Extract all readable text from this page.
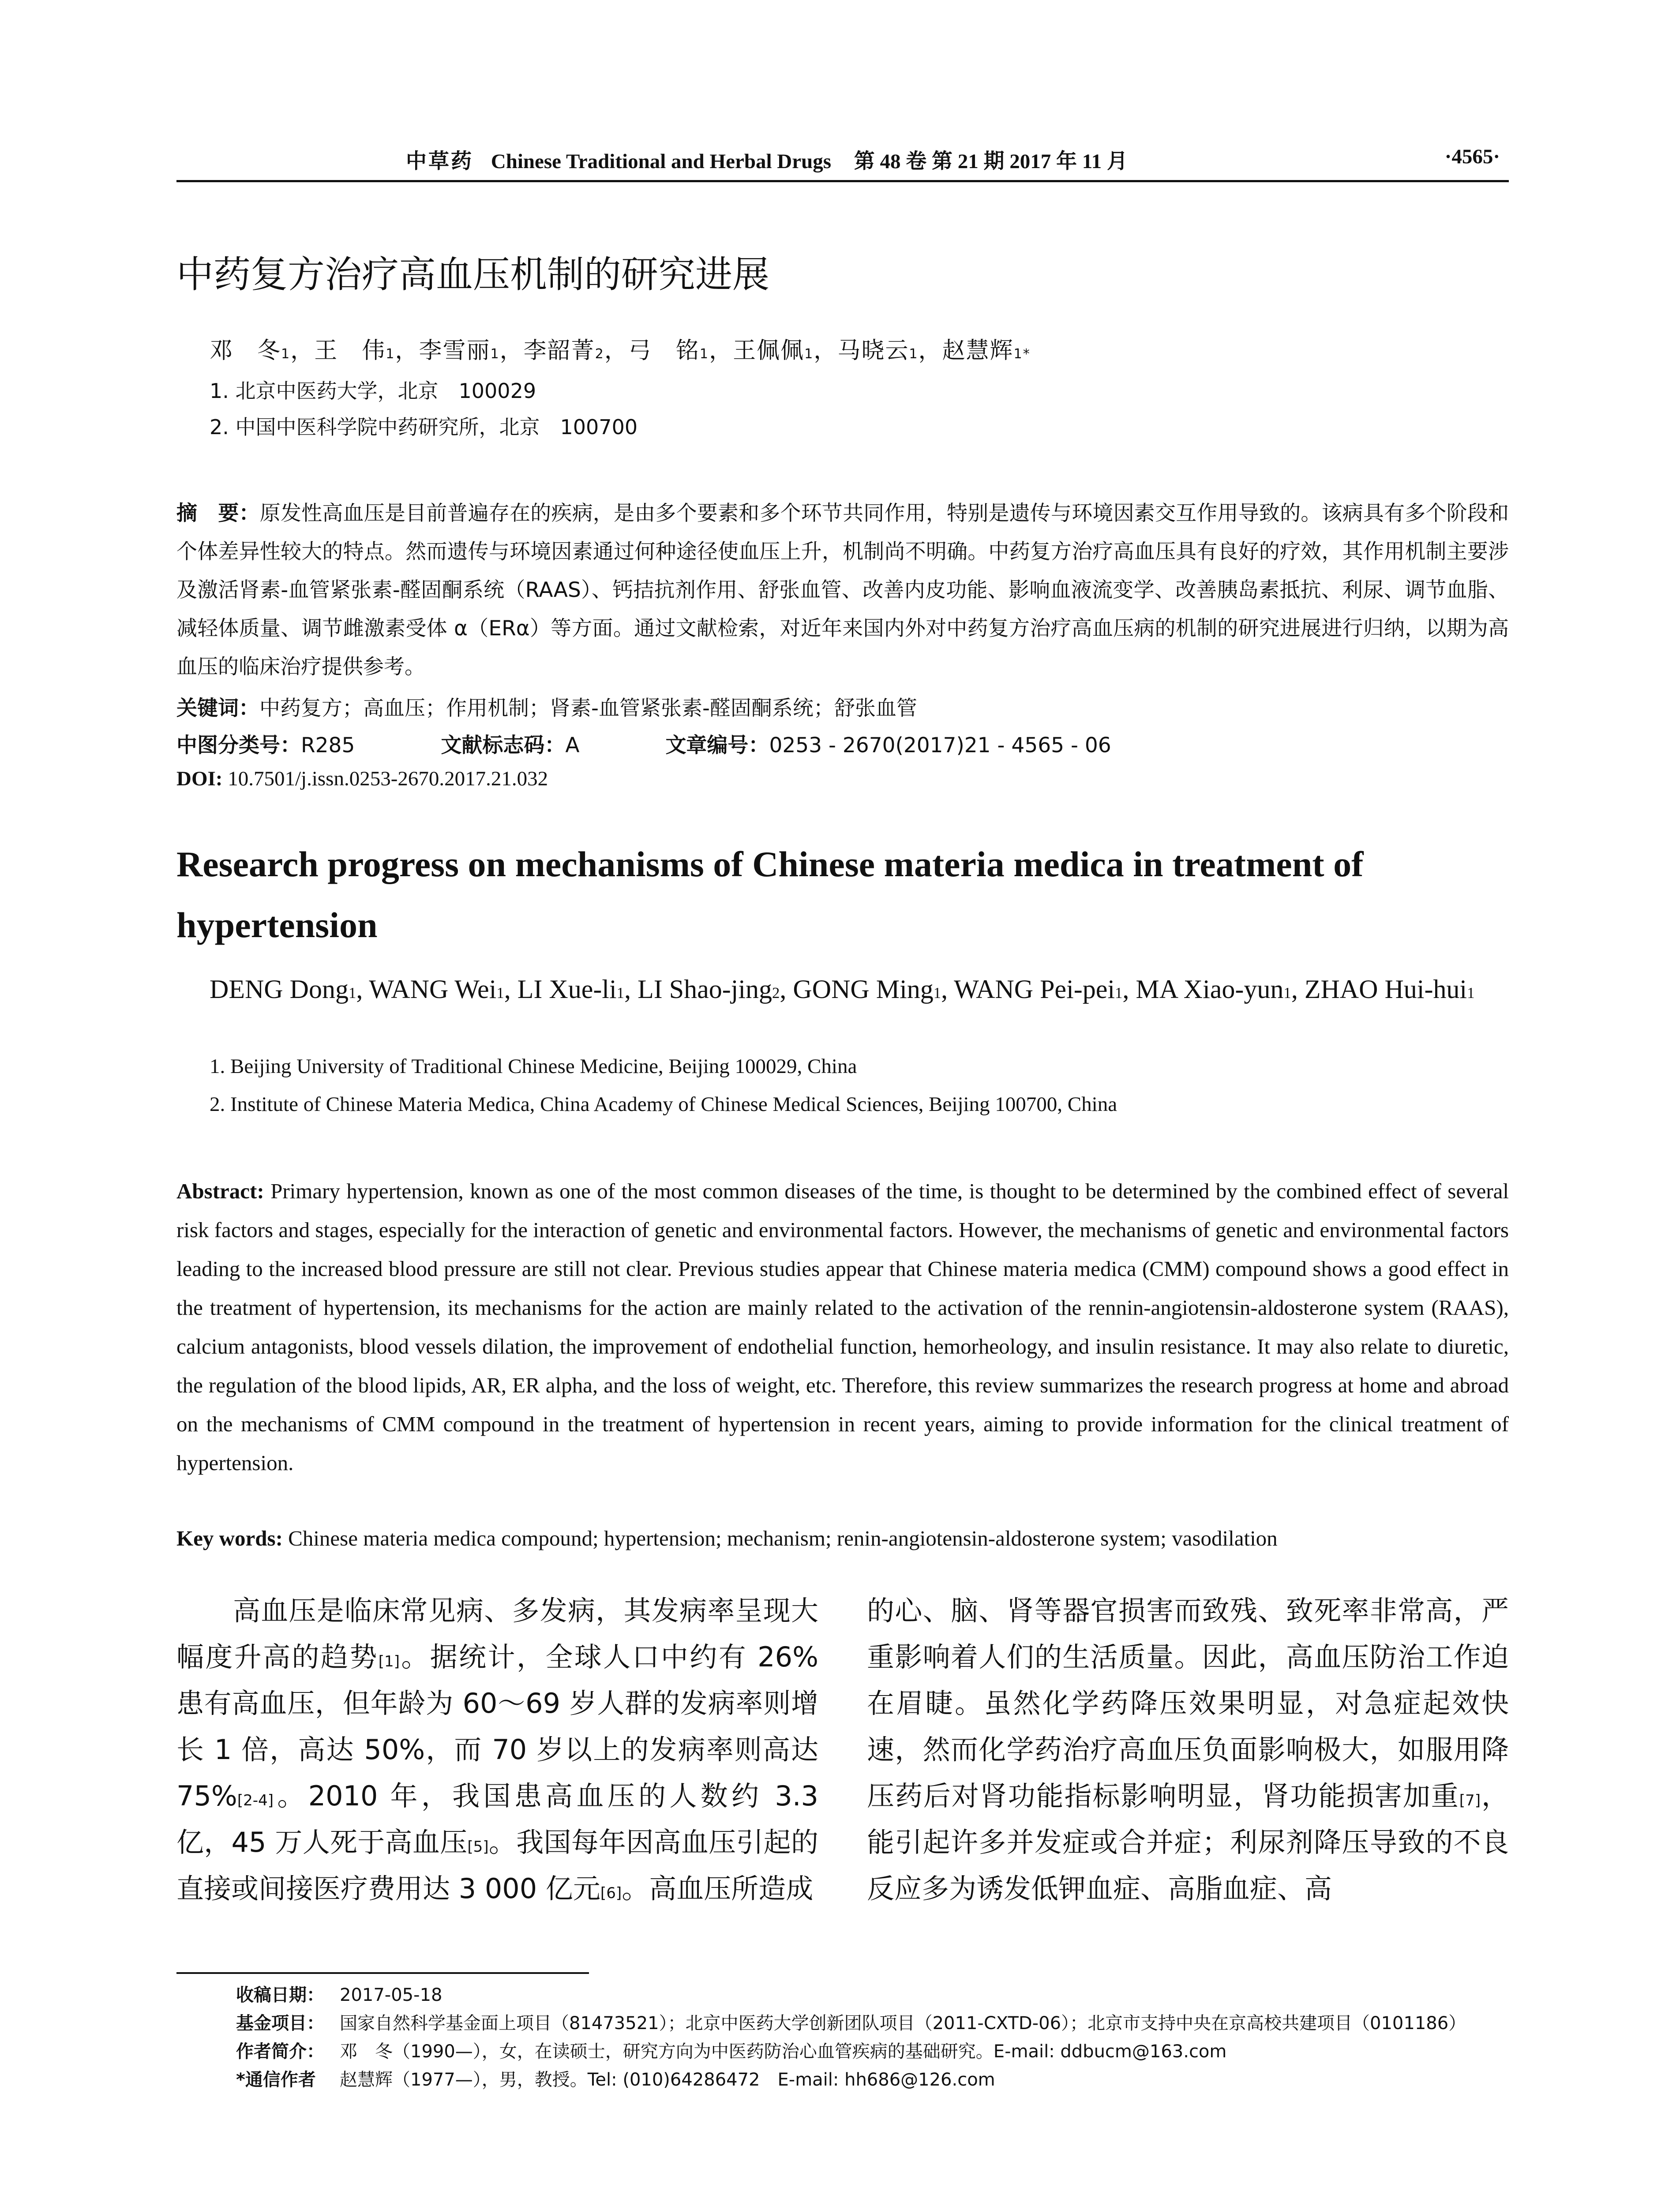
中草药 Chinese Traditional and Herbal Drugs 第 48 卷 第 21 期 2017 年 11 月	·4565·
中药复方治疗高血压机制的研究进展
邓　冬$^1$，王　伟$^1$，李雪丽$^1$，李韶菁$^2$，弓　铭$^1$，王佩佩$^1$，马晓云$^1$，赵慧辉$^{1*}$
1. 北京中医药大学，北京　100029
2. 中国中医科学院中药研究所，北京　100700
摘　要：原发性高血压是目前普遍存在的疾病，是由多个要素和多个环节共同作用，特别是遗传与环境因素交互作用导致的。该病具有多个阶段和个体差异性较大的特点。然而遗传与环境因素通过何种途径使血压上升，机制尚不明确。中药复方治疗高血压具有良好的疗效，其作用机制主要涉及激活肾素-血管紧张素-醛固酮系统（RAAS）、钙拮抗剂作用、舒张血管、改善内皮功能、影响血液流变学、改善胰岛素抵抗、利尿、调节血脂、减轻体质量、调节雌激素受体 α（ERα）等方面。通过文献检索，对近年来国内外对中药复方治疗高血压病的机制的研究进展进行归纳，以期为高血压的临床治疗提供参考。
关键词：中药复方；高血压；作用机制；肾素-血管紧张素-醛固酮系统；舒张血管
中图分类号：R285	文献标志码：A	文章编号：0253 - 2670(2017)21 - 4565 - 06
DOI: 10.7501/j.issn.0253-2670.2017.21.032
Research progress on mechanisms of Chinese materia medica in treatment of hypertension
DENG Dong$^1$, WANG Wei$^1$, LI Xue-$li^1$, LI Shao-jing$^2$, GONG Ming$^1$, WANG Pei-pei$^1$, MA Xiao-yun$^1$, ZHAO Hui-hui$^1$
1. Beijing University of Traditional Chinese Medicine, Beijing 100029, China
2. Institute of Chinese Materia Medica, China Academy of Chinese Medical Sciences, Beijing 100700, China
Abstract: Primary hypertension, known as one of the most common diseases of the time, is thought to be determined by the combined effect of several risk factors and stages, especially for the interaction of genetic and environmental factors. However, the mechanisms of genetic and environmental factors leading to the increased blood pressure are still not clear. Previous studies appear that Chinese materia medica (CMM) compound shows a good effect in the treatment of hypertension, its mechanisms for the action are mainly related to the activation of the rennin-angiotensin-aldosterone system (RAAS), calcium antagonists, blood vessels dilation, the improvement of endothelial function, hemorheology, and insulin resistance. It may also relate to diuretic, the regulation of the blood lipids, AR, ER alpha, and the loss of weight, etc. Therefore, this review summarizes the research progress at home and abroad on the mechanisms of CMM compound in the treatment of hypertension in recent years, aiming to provide information for the clinical treatment of hypertension.
Key words: Chinese materia medica compound; hypertension; mechanism; renin-angiotensin-aldosterone system; vasodilation
高血压是临床常见病、多发病，其发病率呈现大幅度升高的趋势[1]。据统计，全球人口中约有 26% 患有高血压，但年龄为 60～69 岁人群的发病率则增长 1 倍，高达 50%，而 70 岁以上的发病率则高达 75%[2-4]。2010 年，我国患高血压的人数约 3.3 亿，45 万人死于高血压[5]。我国每年因高血压引起的直接或间接医疗费用达 3 000 亿元[6]。高血压所造成
的心、脑、肾等器官损害而致残、致死率非常高，严重影响着人们的生活质量。因此，高血压防治工作迫在眉睫。虽然化学药降压效果明显，对急症起效快速，然而化学药治疗高血压负面影响极大，如服用降压药后对肾功能指标影响明显，肾功能损害加重[7]，能引起许多并发症或合并症；利尿剂降压导致的不良反应多为诱发低钾血症、高脂血症、高
收稿日期： 2017-05-18
基金项目： 国家自然科学基金面上项目（81473521）；北京中医药大学创新团队项目（2011-CXTD-06）；北京市支持中央在京高校共建项目（0101186）
作者简介： 邓　冬（1990—），女，在读硕士，研究方向为中医药防治心血管疾病的基础研究。E-mail: ddbucm@163.com
*通信作者 赵慧辉（1977—），男，教授。Tel: (010)64286472　E-mail: hh686@126.com
